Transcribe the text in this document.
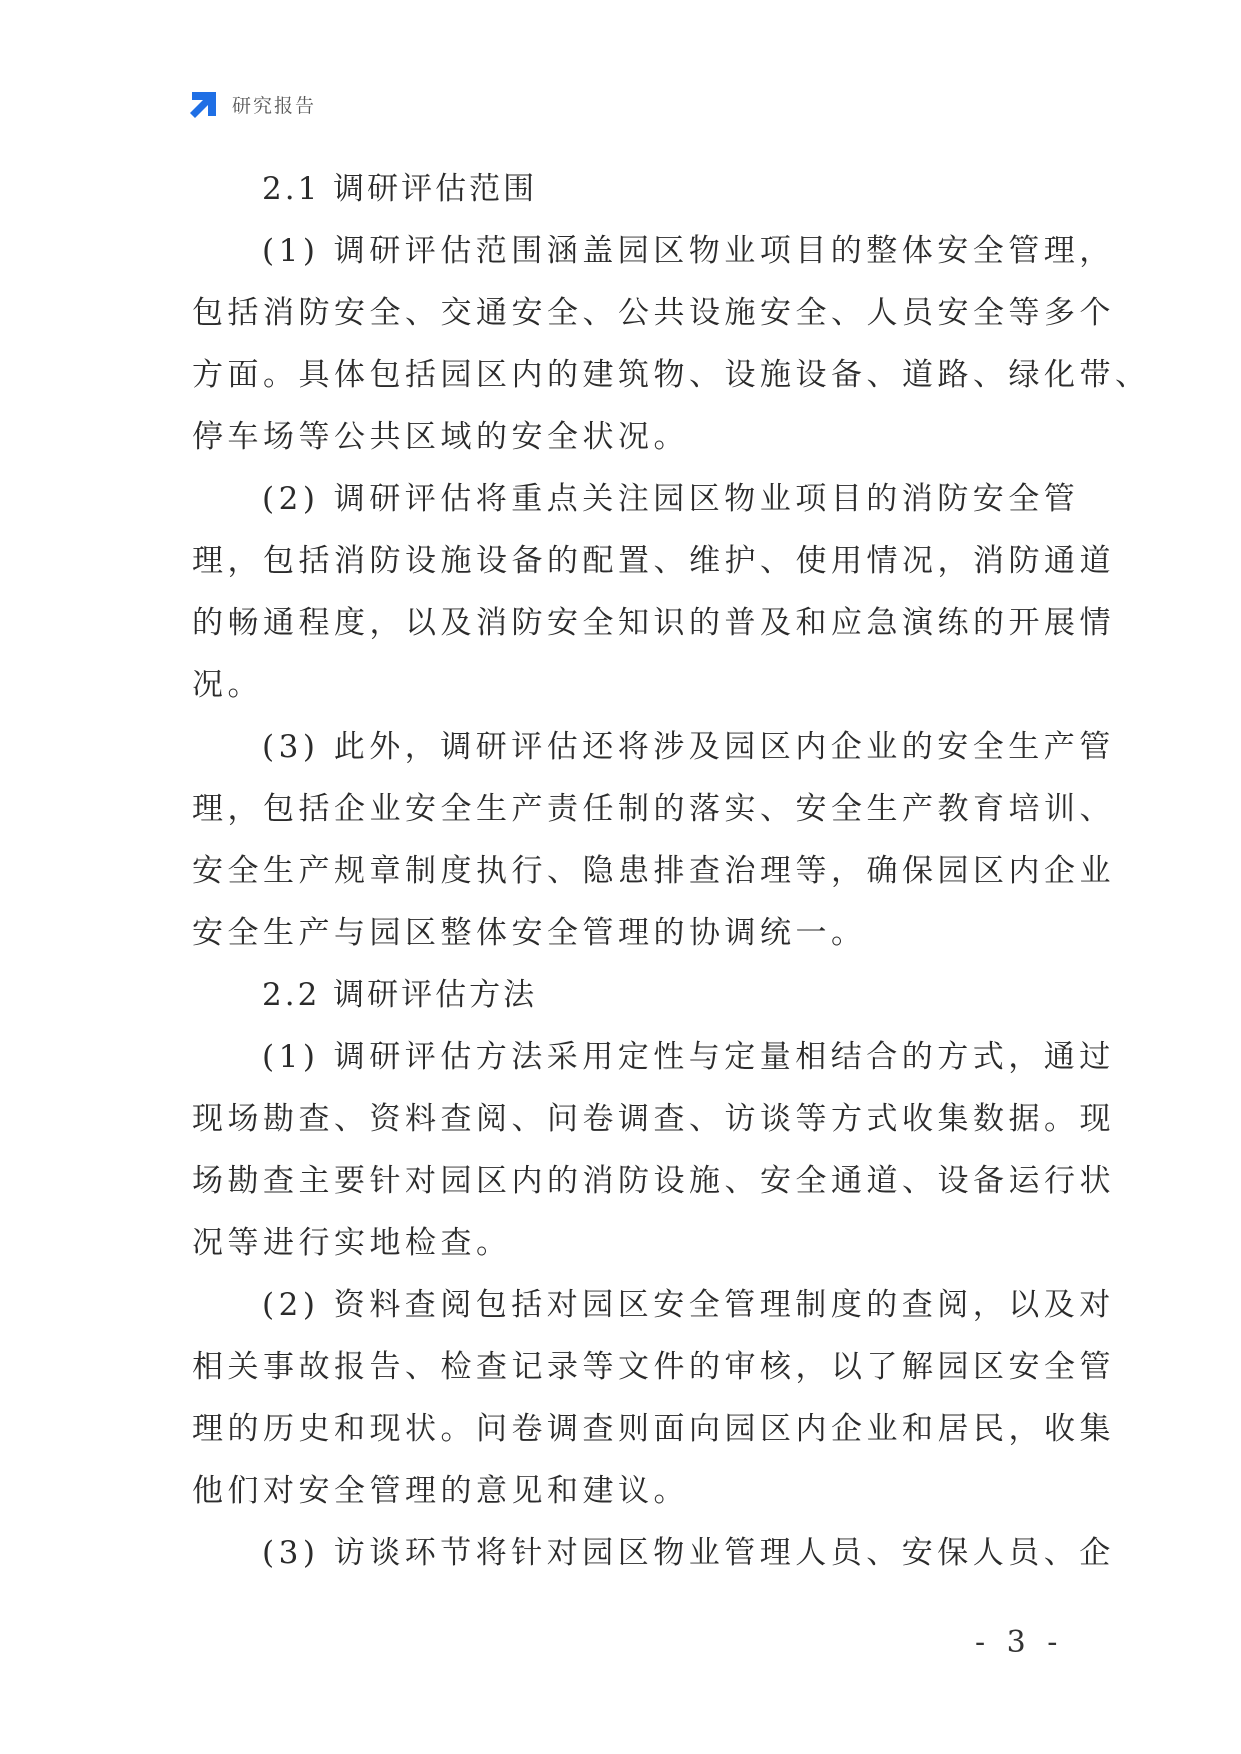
研究报告
2.1 调研评估范围

(1) 调研评估范围涵盖园区物业项目的整体安全管理，
包括消防安全、交通安全、公共设施安全、人员安全等多个
方面。具体包括园区内的建筑物、设施设备、道路、绿化带、
停车场等公共区域的安全状况。

(2) 调研评估将重点关注园区物业项目的消防安全管
理，包括消防设施设备的配置、维护、使用情况，消防通道
的畅通程度，以及消防安全知识的普及和应急演练的开展情
况。

(3) 此外，调研评估还将涉及园区内企业的安全生产管
理，包括企业安全生产责任制的落实、安全生产教育培训、
安全生产规章制度执行、隐患排查治理等，确保园区内企业
安全生产与园区整体安全管理的协调统一。

2.2 调研评估方法

(1) 调研评估方法采用定性与定量相结合的方式，通过
现场勘查、资料查阅、问卷调查、访谈等方式收集数据。现
场勘查主要针对园区内的消防设施、安全通道、设备运行状
况等进行实地检查。

(2) 资料查阅包括对园区安全管理制度的查阅，以及对
相关事故报告、检查记录等文件的审核，以了解园区安全管
理的历史和现状。问卷调查则面向园区内企业和居民，收集
他们对安全管理的意见和建议。

(3) 访谈环节将针对园区物业管理人员、安保人员、企

- 3 -
